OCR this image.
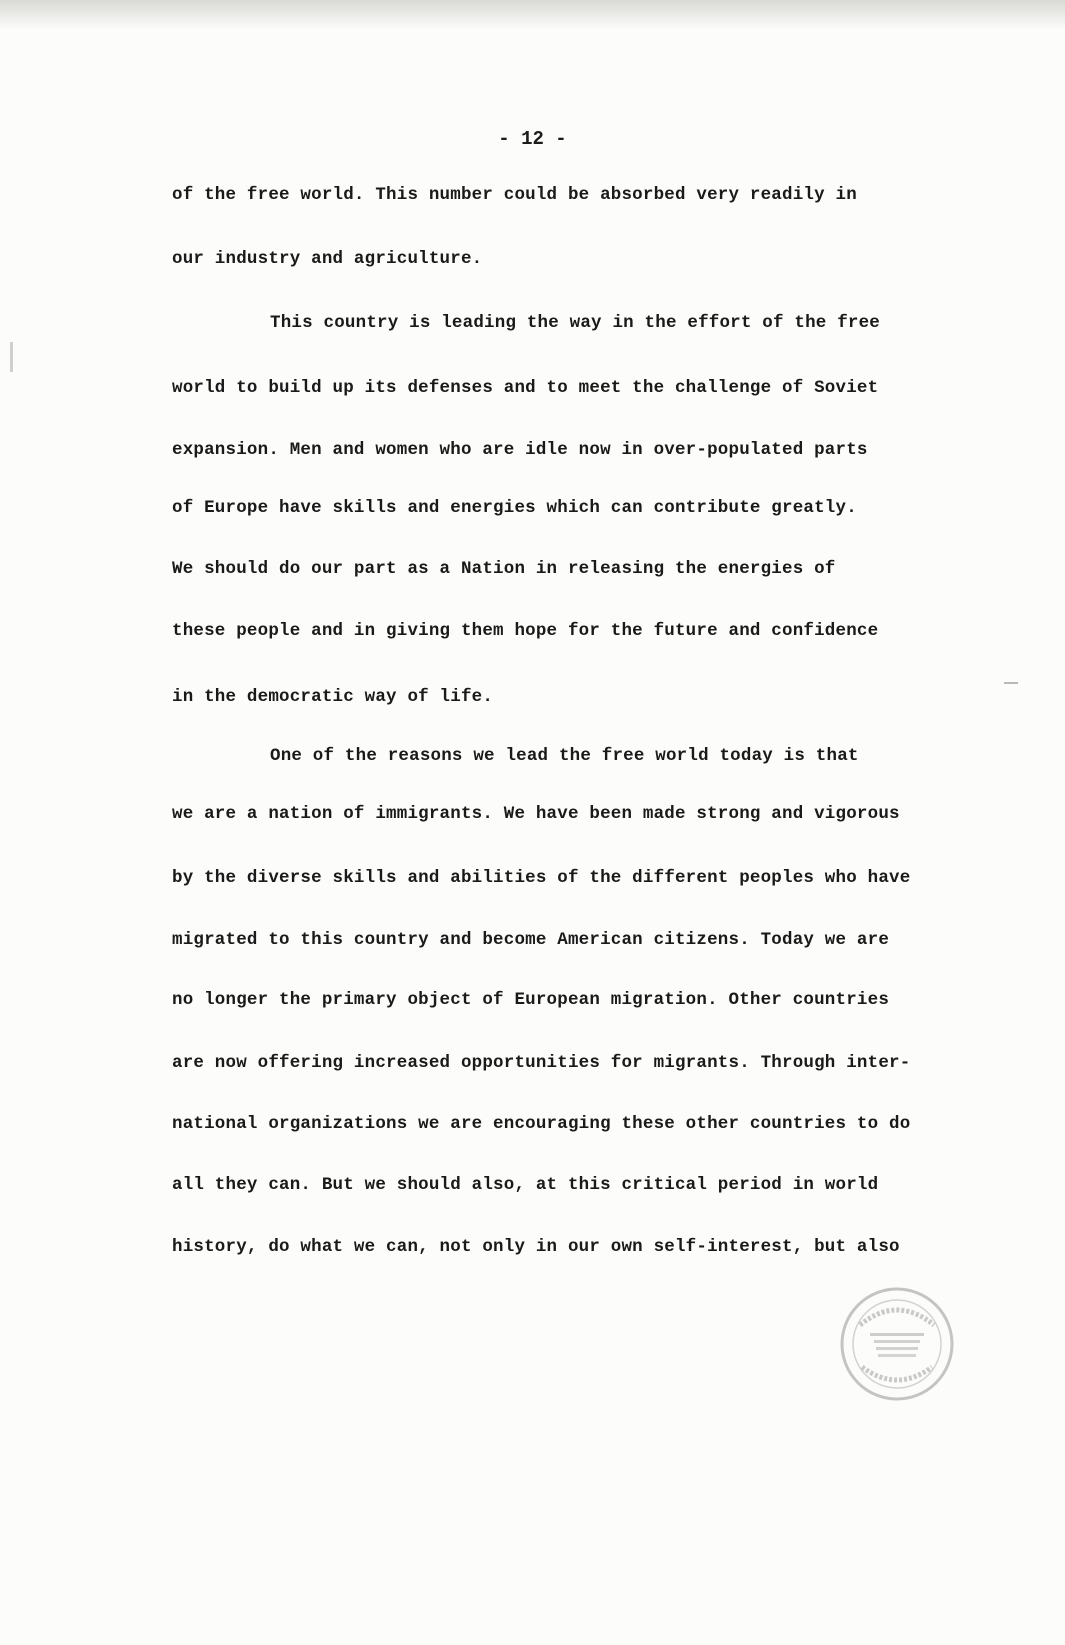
- 12 -
of the free world. This number could be absorbed very readily in
our industry and agriculture.
This country is leading the way in the effort of the free
world to build up its defenses and to meet the challenge of Soviet
expansion. Men and women who are idle now in over-populated parts
of Europe have skills and energies which can contribute greatly.
We should do our part as a Nation in releasing the energies of
these people and in giving them hope for the future and confidence
in the democratic way of life.
One of the reasons we lead the free world today is that
we are a nation of immigrants. We have been made strong and vigorous
by the diverse skills and abilities of the different peoples who have
migrated to this country and become American citizens. Today we are
no longer the primary object of European migration. Other countries
are now offering increased opportunities for migrants. Through inter-
national organizations we are encouraging these other countries to do
all they can. But we should also, at this critical period in world
history, do what we can, not only in our own self-interest, but also
